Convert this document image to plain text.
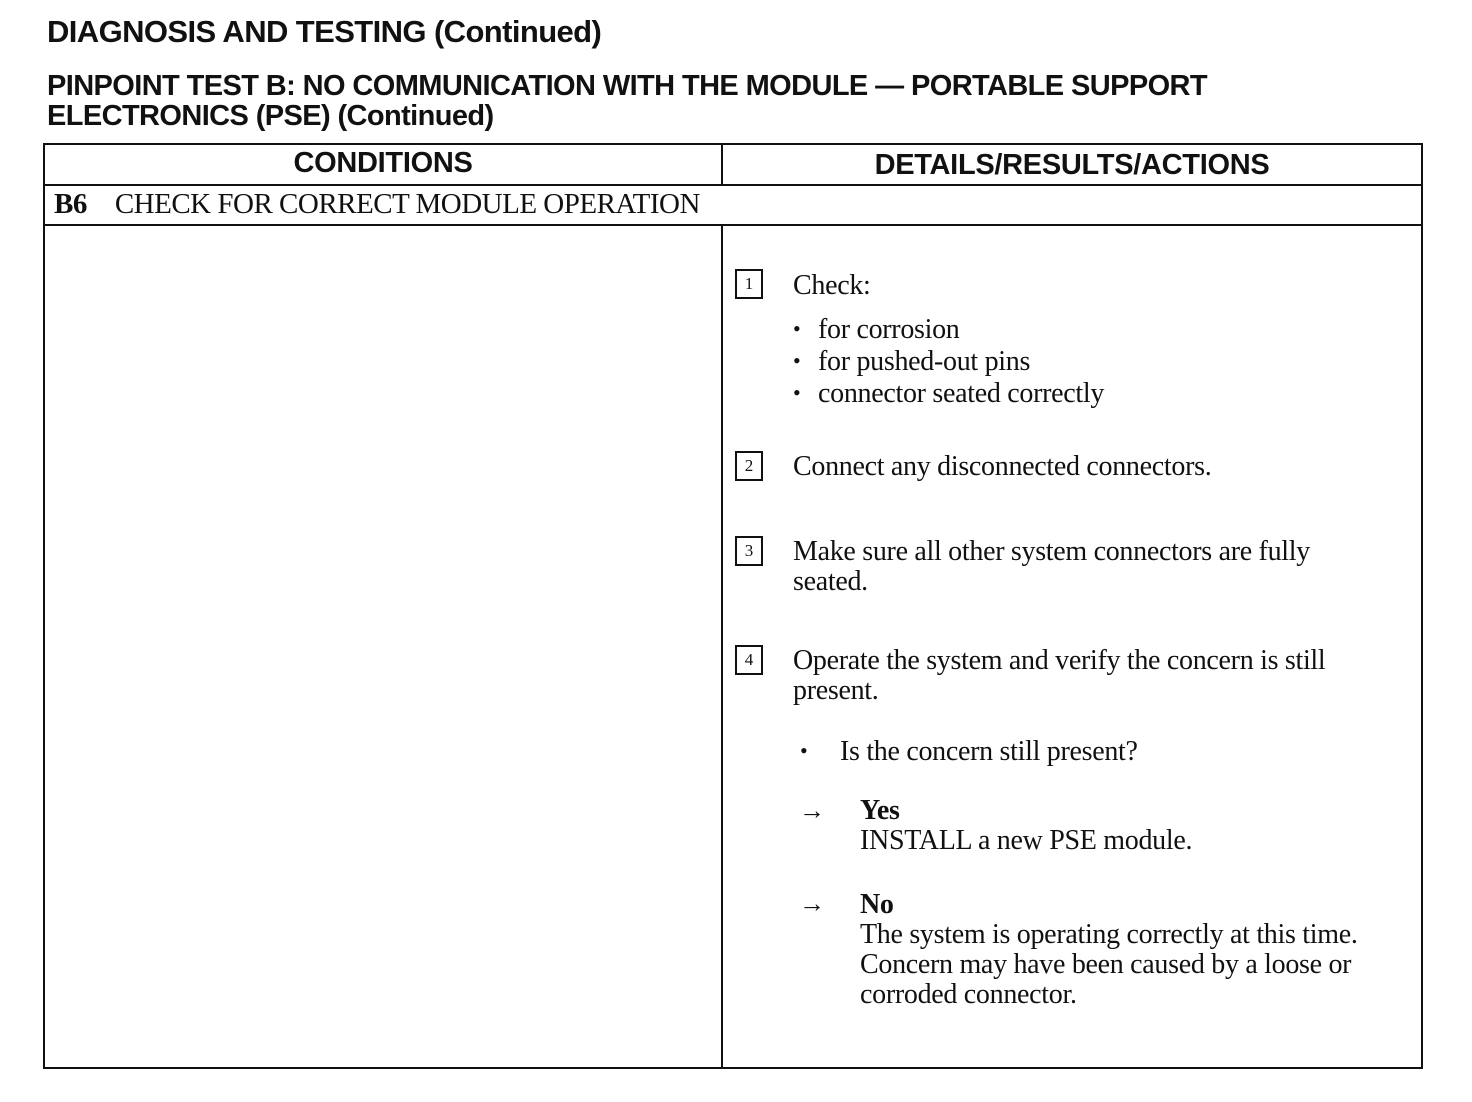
DIAGNOSIS AND TESTING (Continued)
PINPOINT TEST B: NO COMMUNICATION WITH THE MODULE — PORTABLE SUPPORT
ELECTRONICS (PSE) (Continued)
CONDITIONS	DETAILS/RESULTS/ACTIONS
B6 CHECK FOR CORRECT MODULE OPERATION
1	Check:
• for corrosion
• for pushed-out pins
• connector seated correctly
2	Connect any disconnected connectors.
3	Make sure all other system connectors are fully
seated.
4	Operate the system and verify the concern is still
present.
• Is the concern still present?
→ Yes
INSTALL a new PSE module.
→ No
The system is operating correctly at this time.
Concern may have been caused by a loose or
corroded connector.
